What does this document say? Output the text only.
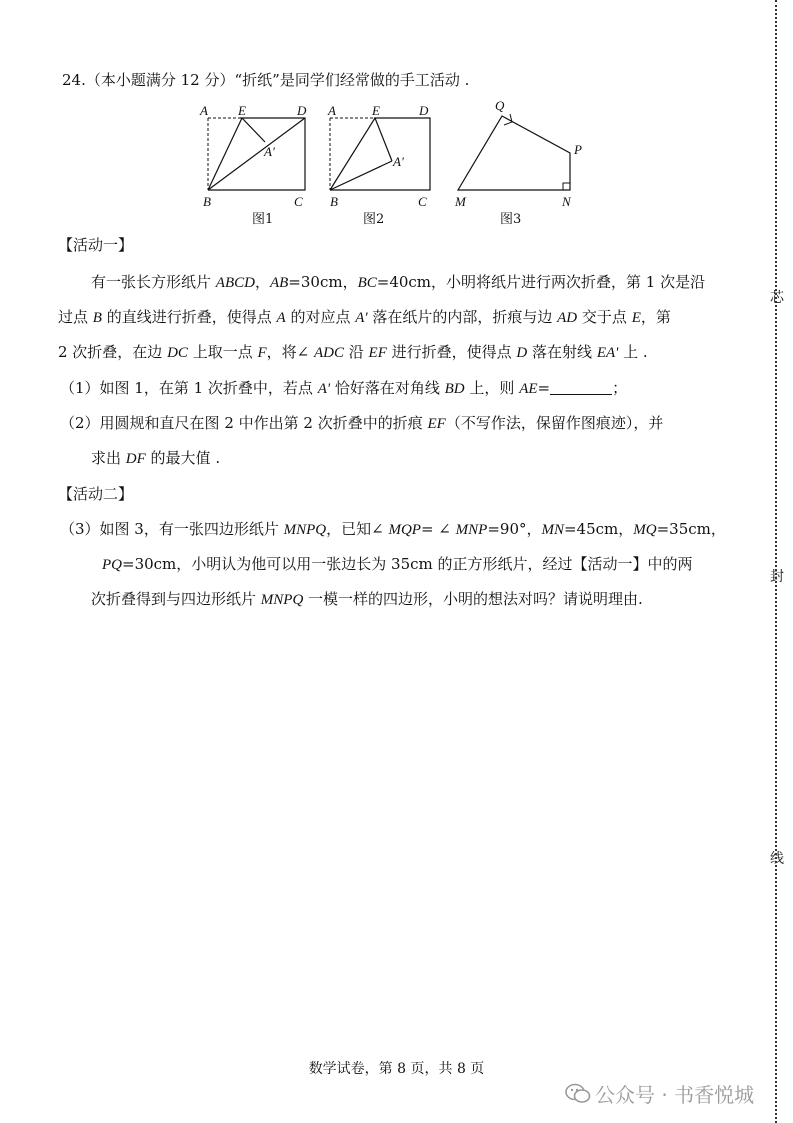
24.（本小题满分 12 分）“折纸”是同学们经常做的手工活动 .
A E	D
A'
B	C
A	E	D
A'
B	C
Q
P
M	N
图1	图2	图3
【活动一】
有一张长方形纸片 ABCD，AB=30cm，BC=40cm，小明将纸片进行两次折叠，第 1 次是沿
过点 B 的直线进行折叠，使得点 A 的对应点 A' 落在纸片的内部，折痕与边 AD 交于点 E，第
2 次折叠，在边 DC 上取一点 F，将∠ ADC 沿 EF 进行折叠，使得点 D 落在射线 EA' 上 .
（1）如图 1，在第 1 次折叠中，若点 A' 恰好落在对角线 BD 上，则 AE=	；
（2）用圆规和直尺在图 2 中作出第 2 次折叠中的折痕 EF（不写作法，保留作图痕迹），并
求出 DF 的最大值 .
【活动二】
（3）如图 3，有一张四边形纸片 MNPQ，已知∠ MQP= ∠ MNP=90°，MN=45cm，MQ=35cm，
PQ=30cm，小明认为他可以用一张边长为 35cm 的正方形纸片，经过【活动一】中的两
次折叠得到与四边形纸片 MNPQ 一模一样的四边形，小明的想法对吗？请说明理由.
芯
封
线
数学试卷，第 8 页，共 8 页
公众号 · 书香悦城
